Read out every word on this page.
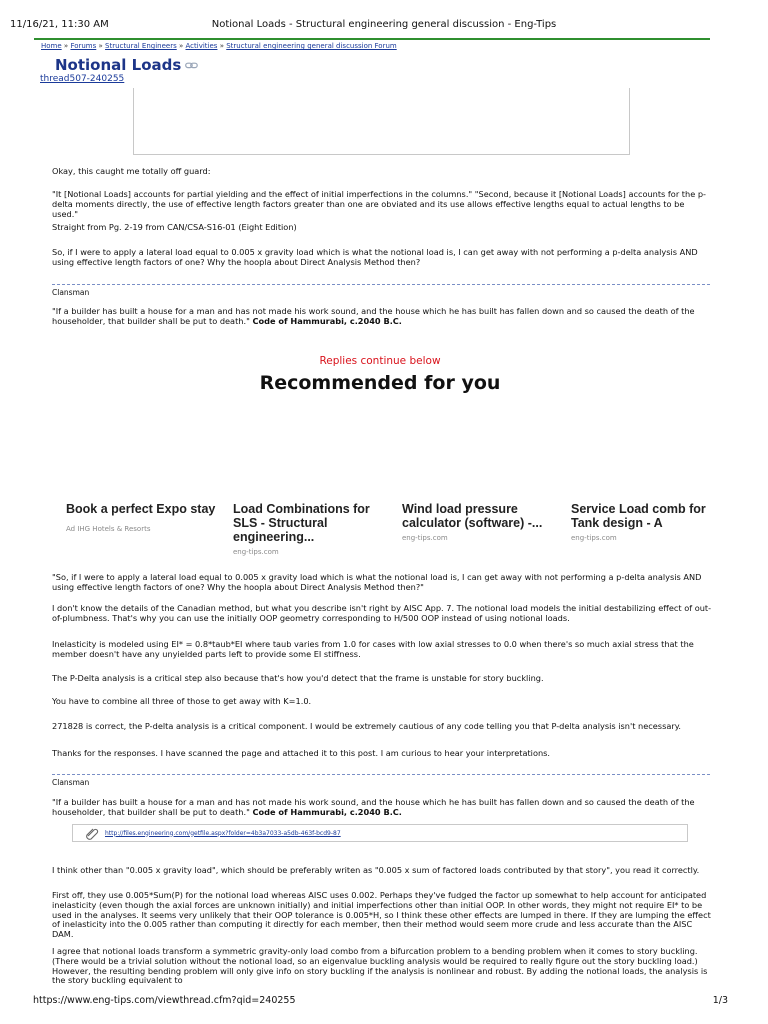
11/16/21, 11:30 AM	Notional Loads - Structural engineering general discussion - Eng-Tips
Home » Forums » Structural Engineers » Activities » Structural engineering general discussion Forum
Notional Loads
thread507-240255
Okay, this caught me totally off guard:
"It [Notional Loads] accounts for partial yielding and the effect of initial imperfections in the columns." "Second, because it [Notional Loads] accounts for the p-delta moments directly, the use of effective length factors greater than one are obviated and its use allows effective lengths equal to actual lengths to be used."
Straight from Pg. 2-19 from CAN/CSA-S16-01 (Eight Edition)
So, if I were to apply a lateral load equal to 0.005 x gravity load which is what the notional load is, I can get away with not performing a p-delta analysis AND using effective length factors of one? Why the hoopla about Direct Analysis Method then?
Clansman
"If a builder has built a house for a man and has not made his work sound, and the house which he has built has fallen down and so caused the death of the householder, that builder shall be put to death." Code of Hammurabi, c.2040 B.C.
Replies continue below
Recommended for you
Book a perfect Expo stay
Ad IHG Hotels & Resorts
Load Combinations for SLS - Structural engineering...
eng-tips.com
Wind load pressure calculator (software) -...
eng-tips.com
Service Load comb for Tank design - A
eng-tips.com
"So, if I were to apply a lateral load equal to 0.005 x gravity load which is what the notional load is, I can get away with not performing a p-delta analysis AND using effective length factors of one? Why the hoopla about Direct Analysis Method then?"
I don't know the details of the Canadian method, but what you describe isn't right by AISC App. 7. The notional load models the initial destabilizing effect of out-of-plumbness. That's why you can use the initially OOP geometry corresponding to H/500 OOP instead of using notional loads.
Inelasticity is modeled using EI* = 0.8*taub*EI where taub varies from 1.0 for cases with low axial stresses to 0.0 when there's so much axial stress that the member doesn't have any unyielded parts left to provide some EI stiffness.
The P-Delta analysis is a critical step also because that's how you'd detect that the frame is unstable for story buckling.
You have to combine all three of those to get away with K=1.0.
271828 is correct, the P-delta analysis is a critical component. I would be extremely cautious of any code telling you that P-delta analysis isn't necessary.
Thanks for the responses. I have scanned the page and attached it to this post. I am curious to hear your interpretations.
Clansman
"If a builder has built a house for a man and has not made his work sound, and the house which he has built has fallen down and so caused the death of the householder, that builder shall be put to death." Code of Hammurabi, c.2040 B.C.
http://files.engineering.com/getfile.aspx?folder=4b3a7033-a5db-463f-bcd9-87
I think other than "0.005 x gravity load", which should be preferably writen as "0.005 x sum of factored loads contributed by that story", you read it correctly.
First off, they use 0.005*Sum(P) for the notional load whereas AISC uses 0.002. Perhaps they've fudged the factor up somewhat to help account for anticipated inelasticity (even though the axial forces are unknown initially) and initial imperfections other than initial OOP. In other words, they might not require EI* to be used in the analyses. It seems very unlikely that their OOP tolerance is 0.005*H, so I think these other effects are lumped in there. If they are lumping the effect of inelasticity into the 0.005 rather than computing it directly for each member, then their method would seem more crude and less accurate than the AISC DAM.
I agree that notional loads transform a symmetric gravity-only load combo from a bifurcation problem to a bending problem when it comes to story buckling. (There would be a trivial solution without the notional load, so an eigenvalue buckling analysis would be required to really figure out the story buckling load.) However, the resulting bending problem will only give info on story buckling if the analysis is nonlinear and robust. By adding the notional loads, the analysis is the story buckling equivalent to
https://www.eng-tips.com/viewthread.cfm?qid=240255	1/3
